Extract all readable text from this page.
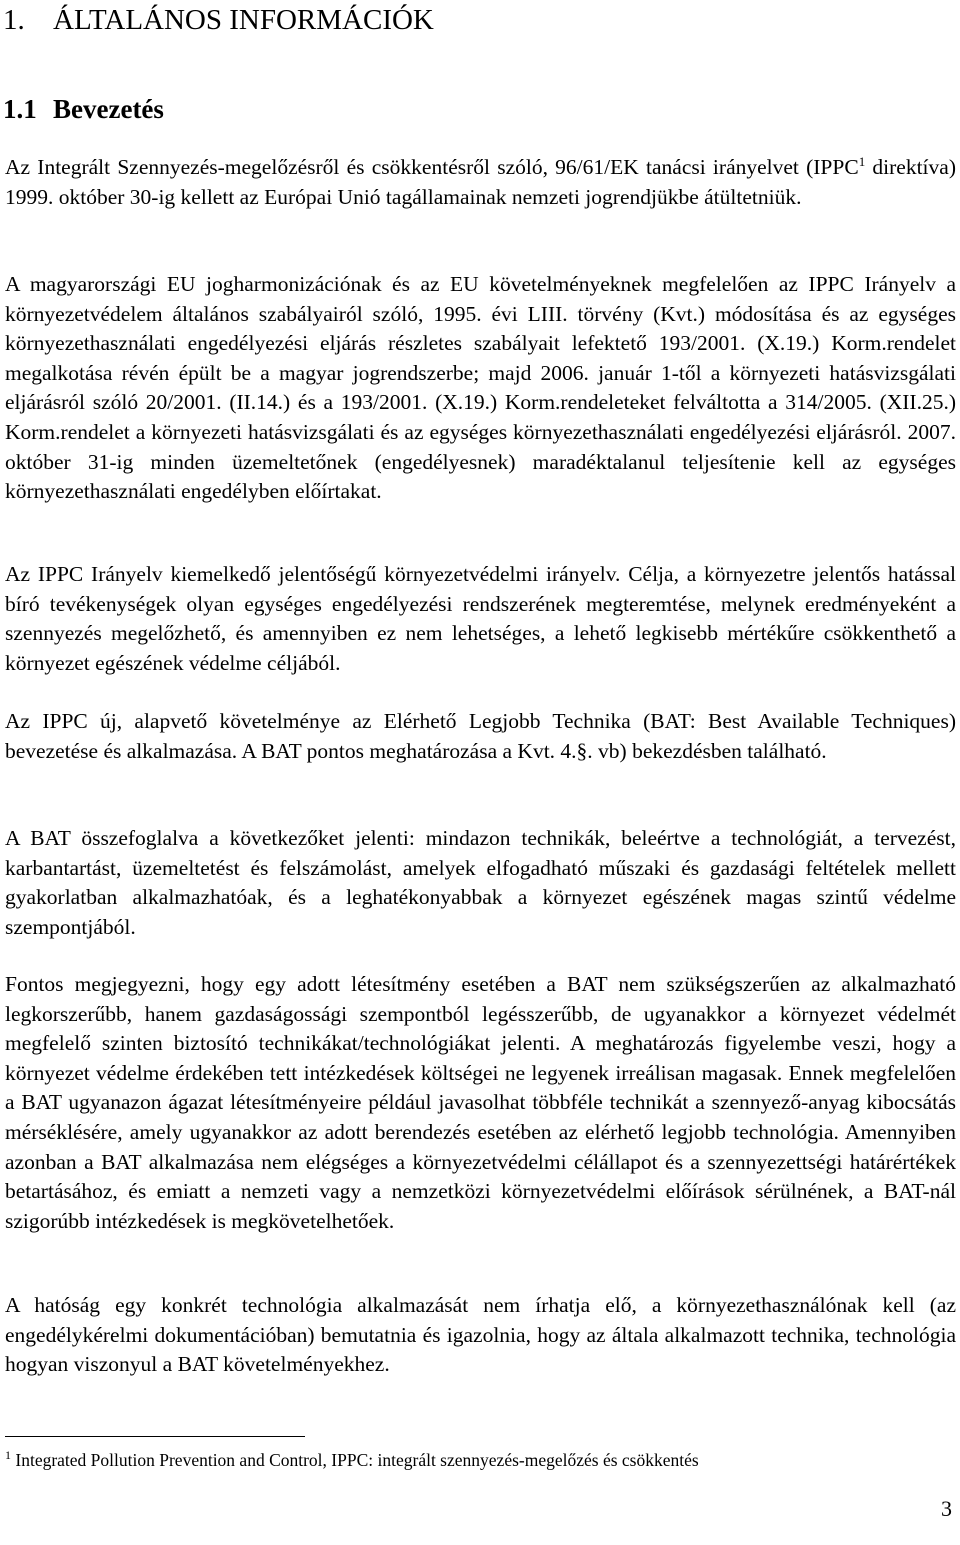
1. ÁLTALÁNOS INFORMÁCIÓK
1.1 Bevezetés

Az Integrált Szennyezés-megelőzésről és csökkentésről szóló, 96/61/EK tanácsi irányelvet (IPPC$^1$ direktíva) 1999. október 30-ig kellett az Európai Unió tagállamainak nemzeti jogrendjükbe átültetniük.

A magyarországi EU jogharmonizációnak és az EU követelményeknek megfelelően az IPPC Irányelv a környezetvédelem általános szabályairól szóló, 1995. évi LIII. törvény (Kvt.) módosítása és az egységes környezethasználati engedélyezési eljárás részletes szabályait lefektető 193/2001. (X.19.) Korm.rendelet megalkotása révén épült be a magyar jogrendszerbe; majd 2006. január 1-től a környezeti hatásvizsgálati eljárásról szóló 20/2001. (II.14.) és a 193/2001. (X.19.) Korm.rendeleteket felváltotta a 314/2005. (XII.25.) Korm.rendelet a környezeti hatásvizsgálati és az egységes környezethasználati engedélyezési eljárásról. 2007. október 31-ig minden üzemeltetőnek (engedélyesnek) maradéktalanul teljesítenie kell az egységes környezethasználati engedélyben előírtakat.

Az IPPC Irányelv kiemelkedő jelentőségű környezetvédelmi irányelv. Célja, a környezetre jelentős hatással bíró tevékenységek olyan egységes engedélyezési rendszerének megteremtése, melynek eredményeként a szennyezés megelőzhető, és amennyiben ez nem lehetséges, a lehető legkisebb mértékűre csökkenthető a környezet egészének védelme céljából.

Az IPPC új, alapvető követelménye az Elérhető Legjobb Technika (BAT: Best Available Techniques) bevezetése és alkalmazása. A BAT pontos meghatározása a Kvt. 4.§. vb) bekezdésben található.

A BAT összefoglalva a következőket jelenti: mindazon technikák, beleértve a technológiát, a tervezést, karbantartást, üzemeltetést és felszámolást, amelyek elfogadható műszaki és gazdasági feltételek mellett gyakorlatban alkalmazhatóak, és a leghatékonyabbak a környezet egészének magas szintű védelme szempontjából.

Fontos megjegyezni, hogy egy adott létesítmény esetében a BAT nem szükségszerűen az alkalmazható legkorszerűbb, hanem gazdaságossági szempontból legésszerűbb, de ugyanakkor a környezet védelmét megfelelő szinten biztosító technikákat/technológiákat jelenti. A meghatározás figyelembe veszi, hogy a környezet védelme érdekében tett intézkedések költségei ne legyenek irreálisan magasak. Ennek megfelelően a BAT ugyanazon ágazat létesítményeire például javasolhat többféle technikát a szennyező-anyag kibocsátás mérséklésére, amely ugyanakkor az adott berendezés esetében az elérhető legjobb technológia. Amennyiben azonban a BAT alkalmazása nem elégséges a környezetvédelmi célállapot és a szennyezettségi határértékek betartásához, és emiatt a nemzeti vagy a nemzetközi környezetvédelmi előírások sérülnének, a BAT-nál szigorúbb intézkedések is megkövetelhetőek.

A hatóság egy konkrét technológia alkalmazását nem írhatja elő, a környezethasználónak kell (az engedélykérelmi dokumentációban) bemutatnia és igazolnia, hogy az általa alkalmazott technika, technológia hogyan viszonyul a BAT követelményekhez.

$^1$ Integrated Pollution Prevention and Control, IPPC: integrált szennyezés-megelőzés és csökkentés

3
